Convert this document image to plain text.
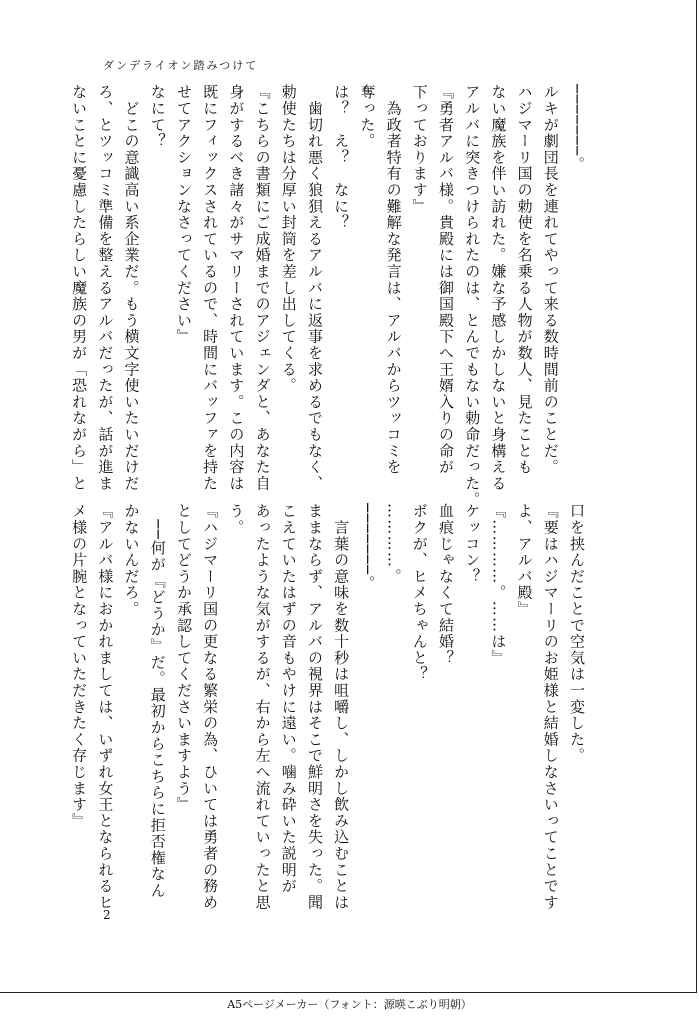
ダンデライオン踏みつけて
───────。
ルキが劇団長を連れてやって来る数時間前のことだ。
ハジマーリ国の勅使を名乗る人物が数人、見たことも
ない魔族を伴い訪れた。嫌な予感しかしないと身構える
アルバに突きつけられたのは、とんでもない勅命だった。
『勇者アルバ様。貴殿には御国殿下へ王婿入りの命が
下っております』
　為政者特有の難解な発言は、アルバからツッコミを
奪った。
は？　え？　なに？
　歯切れ悪く狼狽えるアルバに返事を求めるでもなく、
勅使たちは分厚い封筒を差し出してくる。
『こちらの書類にご成婚までのアジェンダと、あなた自
身がするべき諸々がサマリーされています。この内容は
既にフィックスされているので、時間にバッファを持た
せてアクションなさってください』
なにて？
　どこの意識高い系企業だ。もう横文字使いたいだけだ
ろ、とツッコミ準備を整えるアルバだったが、話が進ま
ないことに憂慮したらしい魔族の男が「恐れながら」と
口を挟んだことで空気は一変した。
『要はハジマーリのお姫様と結婚しなさいってことです
よ、アルバ殿』
『…………。……は』
ケッコン？
血痕じゃなくて結婚？
ボクが、ヒメちゃんと？
…………。
───────。
　言葉の意味を数十秒は咀嚼し、しかし飲み込むことは
ままならず、アルバの視界はそこで鮮明さを失った。聞
こえていたはずの音もやけに遠い。噛み砕いた説明が
あったような気がするが、右から左へ流れていったと思
う。
『ハジマーリ国の更なる繁栄の為、ひいては勇者の務め
としてどうか承認してくださいますよう』
　──何が『どうか』だ。最初からこちらに拒否権なん
かないんだろ。
『アルバ様におかれましては、いずれ女王となられるヒ
メ様の片腕となっていただきたく存じます』
2
A5ページメーカー（フォント：源暎こぶり明朝）
